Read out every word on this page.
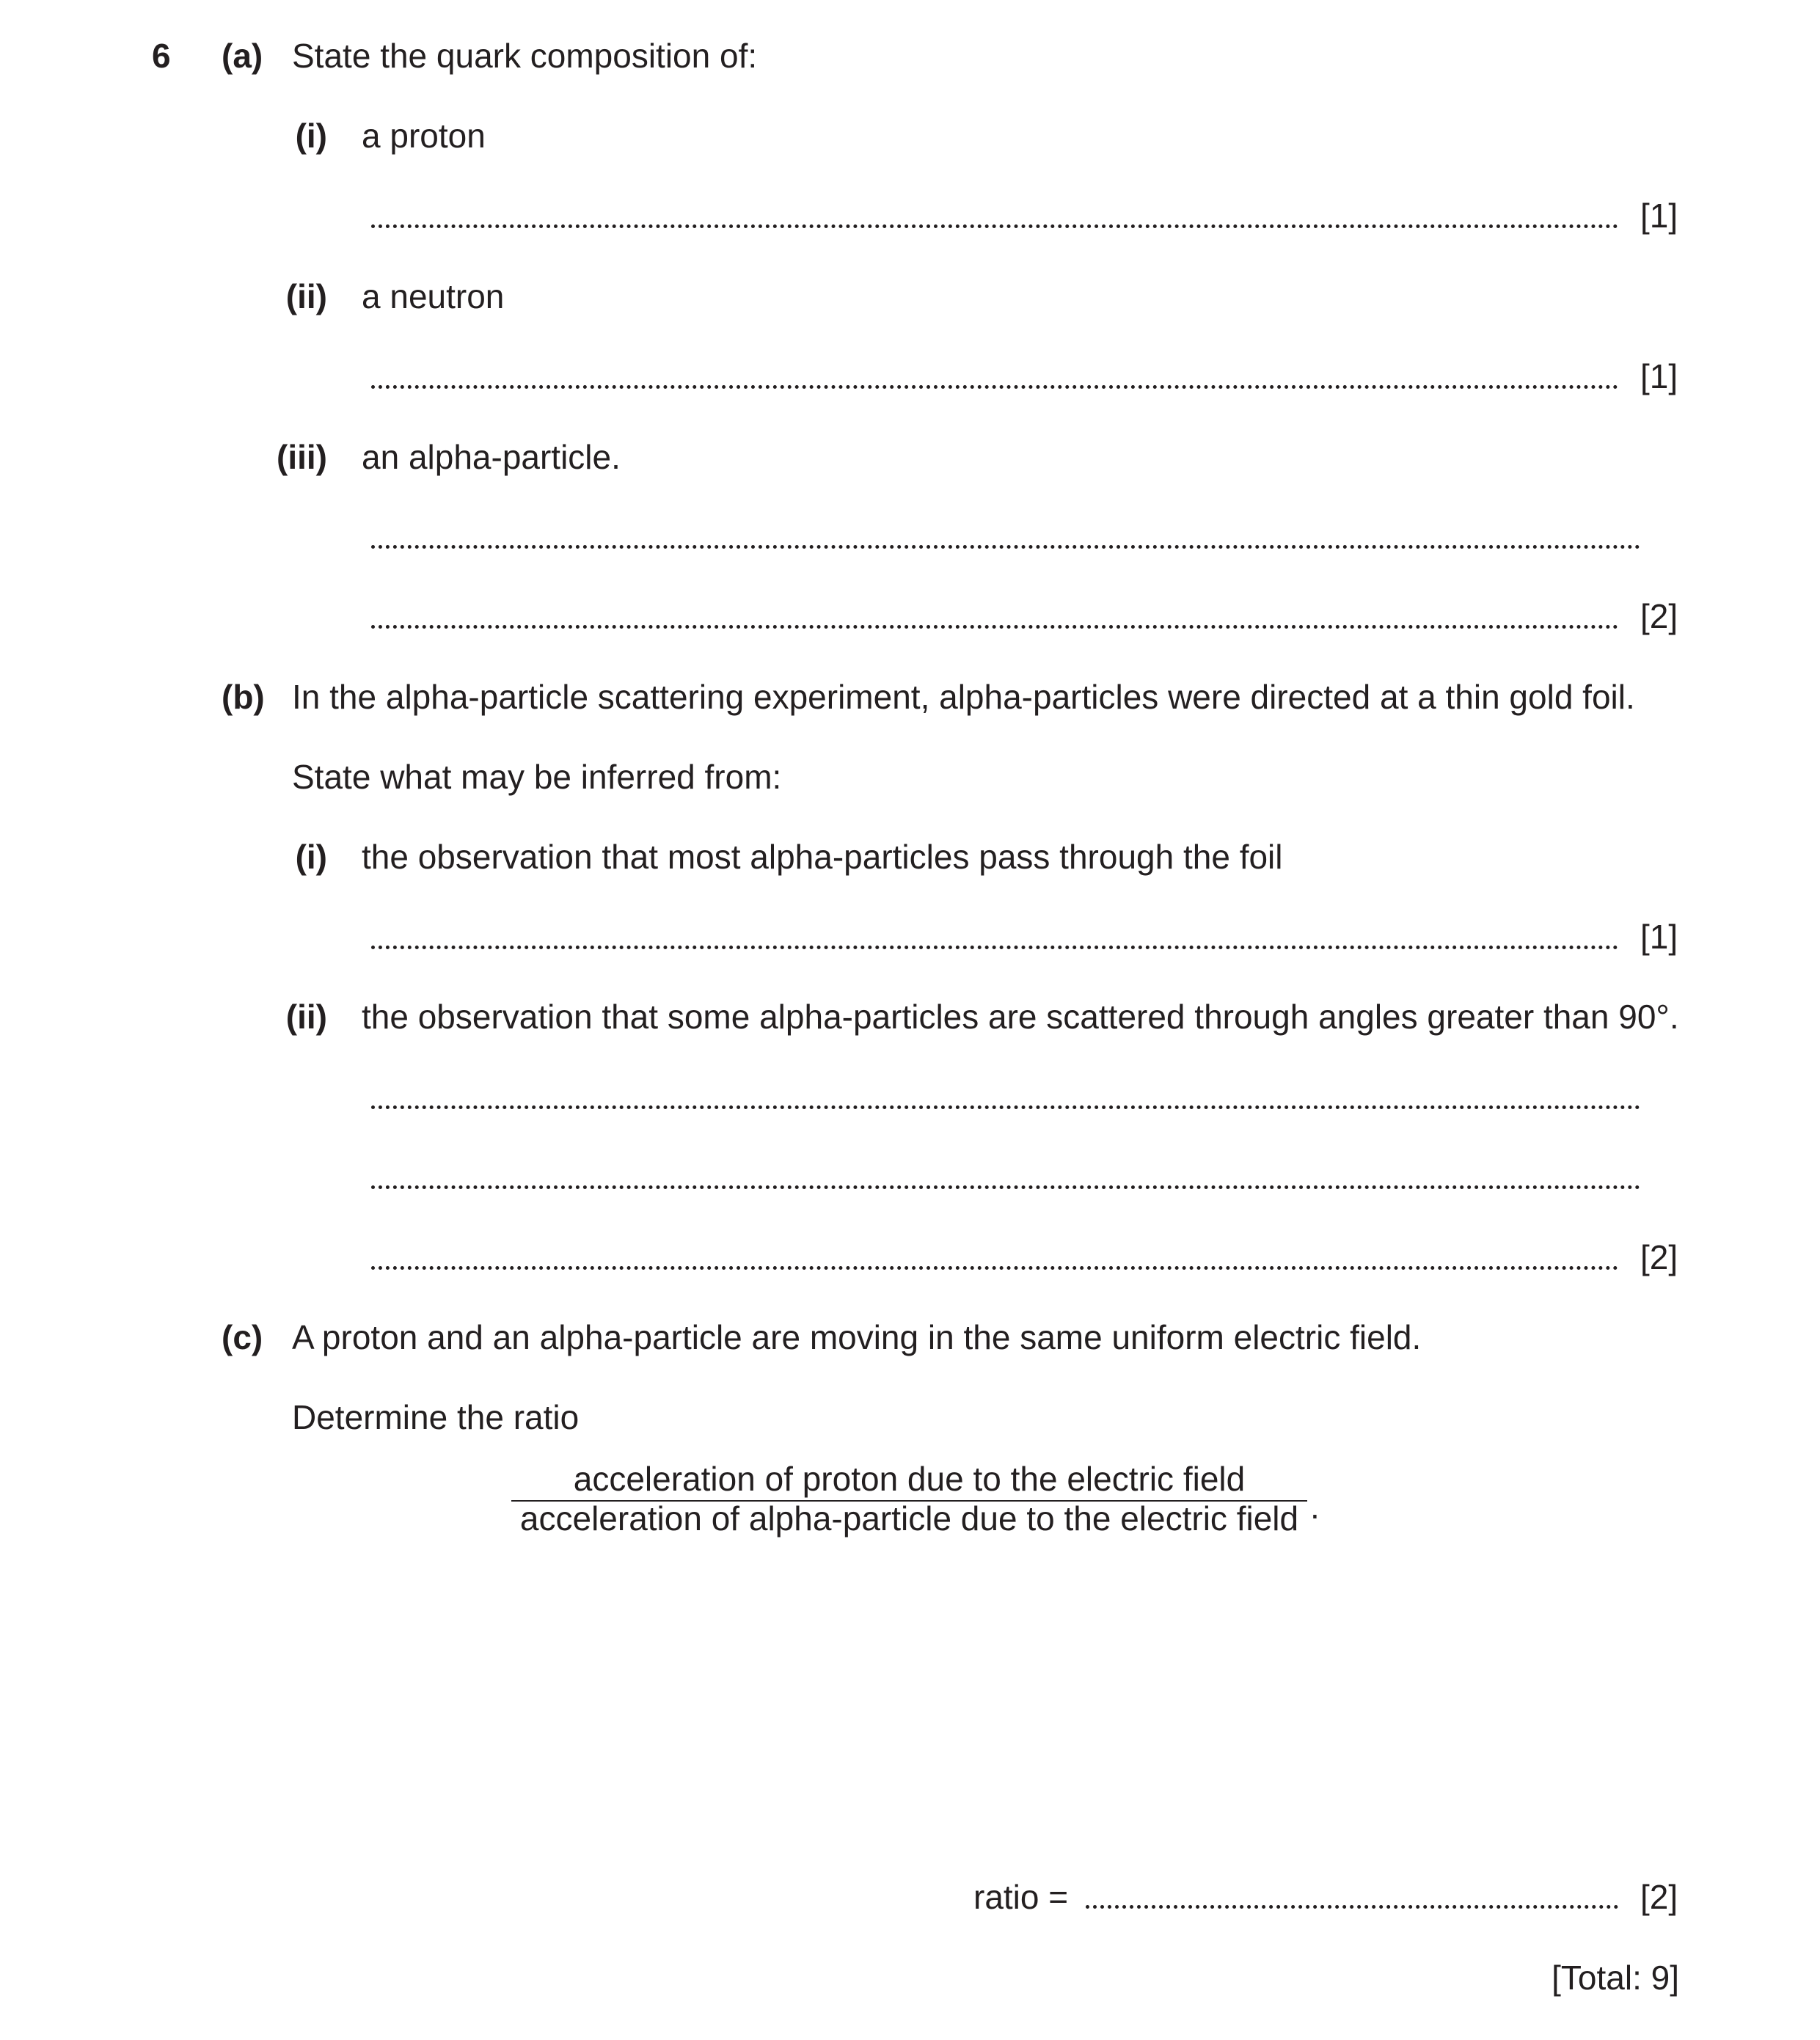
6 (a) State the quark composition of:
(i) a proton
[1]
(ii) a neutron
[1]
(iii) an alpha-particle.
[2]
(b) In the alpha-particle scattering experiment, alpha-particles were directed at a thin gold foil.
State what may be inferred from:
(i) the observation that most alpha-particles pass through the foil
[1]
(ii) the observation that some alpha-particles are scattered through angles greater than 90°.
[2]
(c) A proton and an alpha-particle are moving in the same uniform electric field.
Determine the ratio
acceleration of proton due to the electric field
acceleration of alpha-particle due to the electric field .
ratio =	[2]
[Total: 9]
